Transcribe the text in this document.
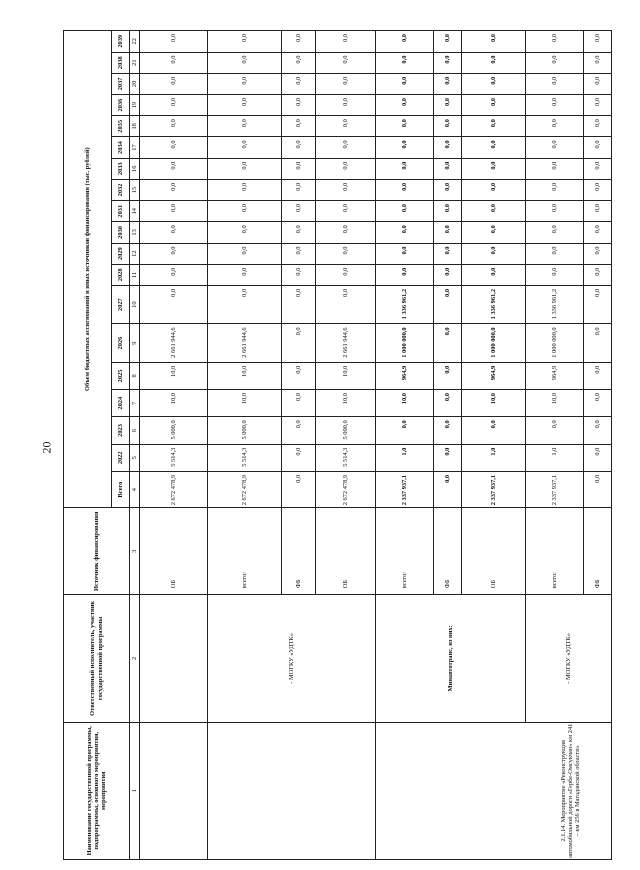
20
Наименование государственной программы, подпрограммы, основного мероприятия, мероприятия	Ответственный исполнитель, участник государственной программы	Источник финансирования	Объем бюджетных ассигнований и иных источников финансирования (тыс. рублей)																		
			Всего	2022	2023	2024	2025	2026	2027	2028	2029	2030	2031	2032	2033	2034	2035	2036	2037	2038	2039
1	2	3	4	5	6	7	8	9	10	11	12	13	14	15	16	17	18	19	20	21	22
		ОБ	2 672 478,9	5 514,3	5 000,0	10,0	10,0	2 661 944,6	0,0	0,0	0,0	0,0	0,0	0,0	0,0	0,0	0,0	0,0	0,0	0,0	0,0
	- МОГКУ «УДТК»	всего:	2 672 478,9	5 514,3	5 000,0	10,0	10,0	2 661 944,6	0,0	0,0	0,0	0,0	0,0	0,0	0,0	0,0	0,0	0,0	0,0	0,0	0,0
		ФБ	0,0	0,0	0,0	0,0	0,0	0,0	0,0	0,0	0,0	0,0	0,0	0,0	0,0	0,0	0,0	0,0	0,0	0,0	0,0
		ОБ	2 672 478,9	5 514,3	5 000,0	10,0	10,0	2 661 944,6	0,0	0,0	0,0	0,0	0,0	0,0	0,0	0,0	0,0	0,0	0,0	0,0	0,0
2.1.14. Мероприятие «Реконструкция автомобильной дороги «Гербе-Омсукчан» км 241 – км 256 в Магаданской области»	Минавтотранс, из них:	всего:	2 337 937,1	1,0	0,0	10,0	964,9	1 000 000,0	1 336 961,2	0,0	0,0	0,0	0,0	0,0	0,0	0,0	0,0	0,0	0,0	0,0	0,0
		ФБ	0,0	0,0	0,0	0,0	0,0	0,0	0,0	0,0	0,0	0,0	0,0	0,0	0,0	0,0	0,0	0,0	0,0	0,0	0,0
		ОБ	2 337 937,1	1,0	0,0	10,0	964,9	1 000 000,0	1 336 961,2	0,0	0,0	0,0	0,0	0,0	0,0	0,0	0,0	0,0	0,0	0,0	0,0
	- МОГКУ «УДТК»	всего:	2 337 937,1	1,0	0,0	10,0	964,9	1 000 000,0	1 336 961,2	0,0	0,0	0,0	0,0	0,0	0,0	0,0	0,0	0,0	0,0	0,0	0,0
		ФБ	0,0	0,0	0,0	0,0	0,0	0,0	0,0	0,0	0,0	0,0	0,0	0,0	0,0	0,0	0,0	0,0	0,0	0,0	0,0
